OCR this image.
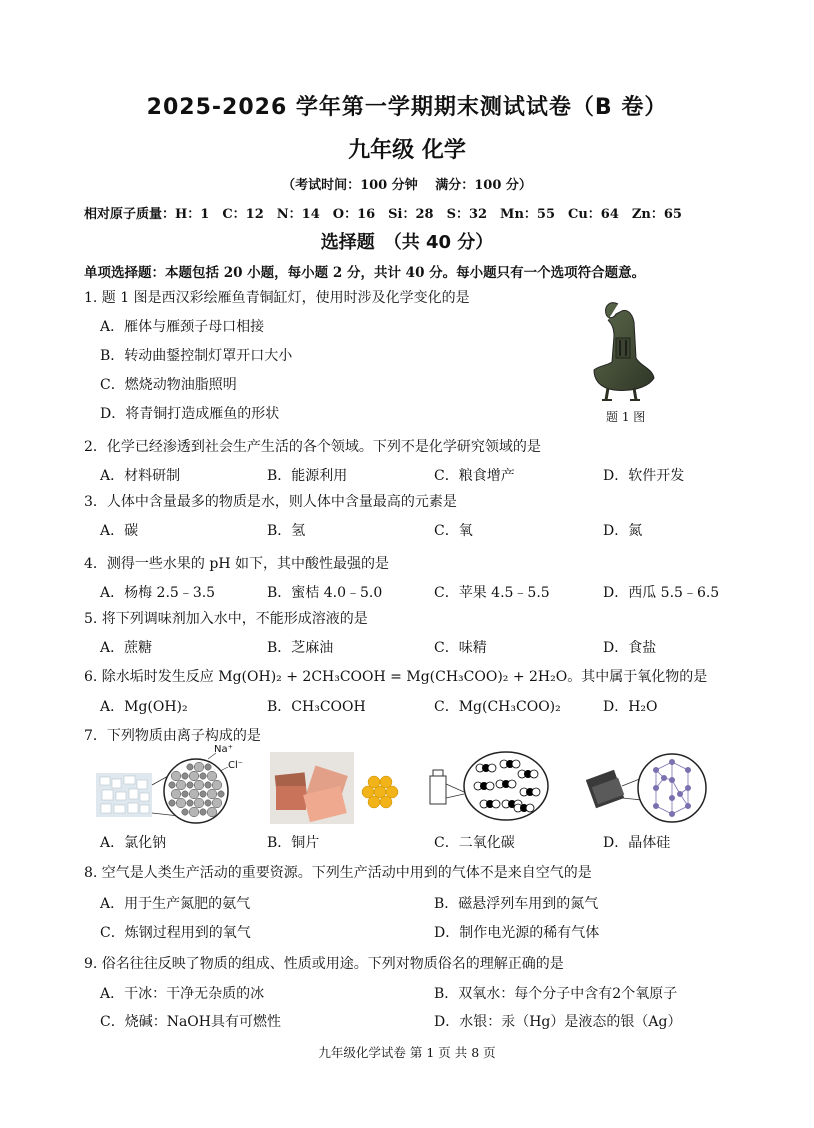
2025-2026 学年第一学期期末测试试卷（B 卷）
九年级 化学
（考试时间：100 分钟　 满分：100 分）
相对原子质量：H：1　C：12　N：14　O：16　Si：28　S：32　Mn：55　Cu：64　Zn：65
选择题　（共 40 分）
单项选择题：本题包括 20 小题，每小题 2 分，共计 40 分。每小题只有一个选项符合题意。
1. 题 1 图是西汉彩绘雁鱼青铜缸灯，使用时涉及化学变化的是
A．雁体与雁颈子母口相接
B．转动曲鋬控制灯罩开口大小
C．燃烧动物油脂照明
D．将青铜打造成雁鱼的形状	题 1 图
2．化学已经渗透到社会生产生活的各个领域。下列不是化学研究领域的是
A．材料研制	B．能源利用	C．粮食增产	D．软件开发
3．人体中含量最多的物质是水，则人体中含量最高的元素是
A．碳	B．氢	C．氧	D．氮
4．测得一些水果的 pH 如下，其中酸性最强的是
A．杨梅 2.5﹣3.5	B．蜜桔 4.0﹣5.0	C．苹果 4.5﹣5.5	D．西瓜 5.5﹣6.5
5. 将下列调味剂加入水中，不能形成溶液的是
A．蔗糖	B．芝麻油	C．味精	D．食盐
6. 除水垢时发生反应 Mg(OH)₂ + 2CH₃COOH = Mg(CH₃COO)₂ + 2H₂O。其中属于氧化物的是
A．Mg(OH)₂	B．CH₃COOH	C．Mg(CH₃COO)₂	D．H₂O
7．下列物质由离子构成的是
Na⁺
Cl⁻
A．氯化钠	B．铜片	C．二氧化碳	D．晶体硅
8. 空气是人类生产活动的重要资源。下列生产活动中用到的气体不是来自空气的是
A．用于生产氮肥的氨气	B．磁悬浮列车用到的氮气
C．炼钢过程用到的氧气	D．制作电光源的稀有气体
9. 俗名往往反映了物质的组成、性质或用途。下列对物质俗名的理解正确的是
A．干冰：干净无杂质的冰	B．双氧水：每个分子中含有2个氧原子
C．烧碱：NaOH具有可燃性	D．水银：汞（Hg）是液态的银（Ag）
九年级化学试卷 第 1 页 共 8 页
